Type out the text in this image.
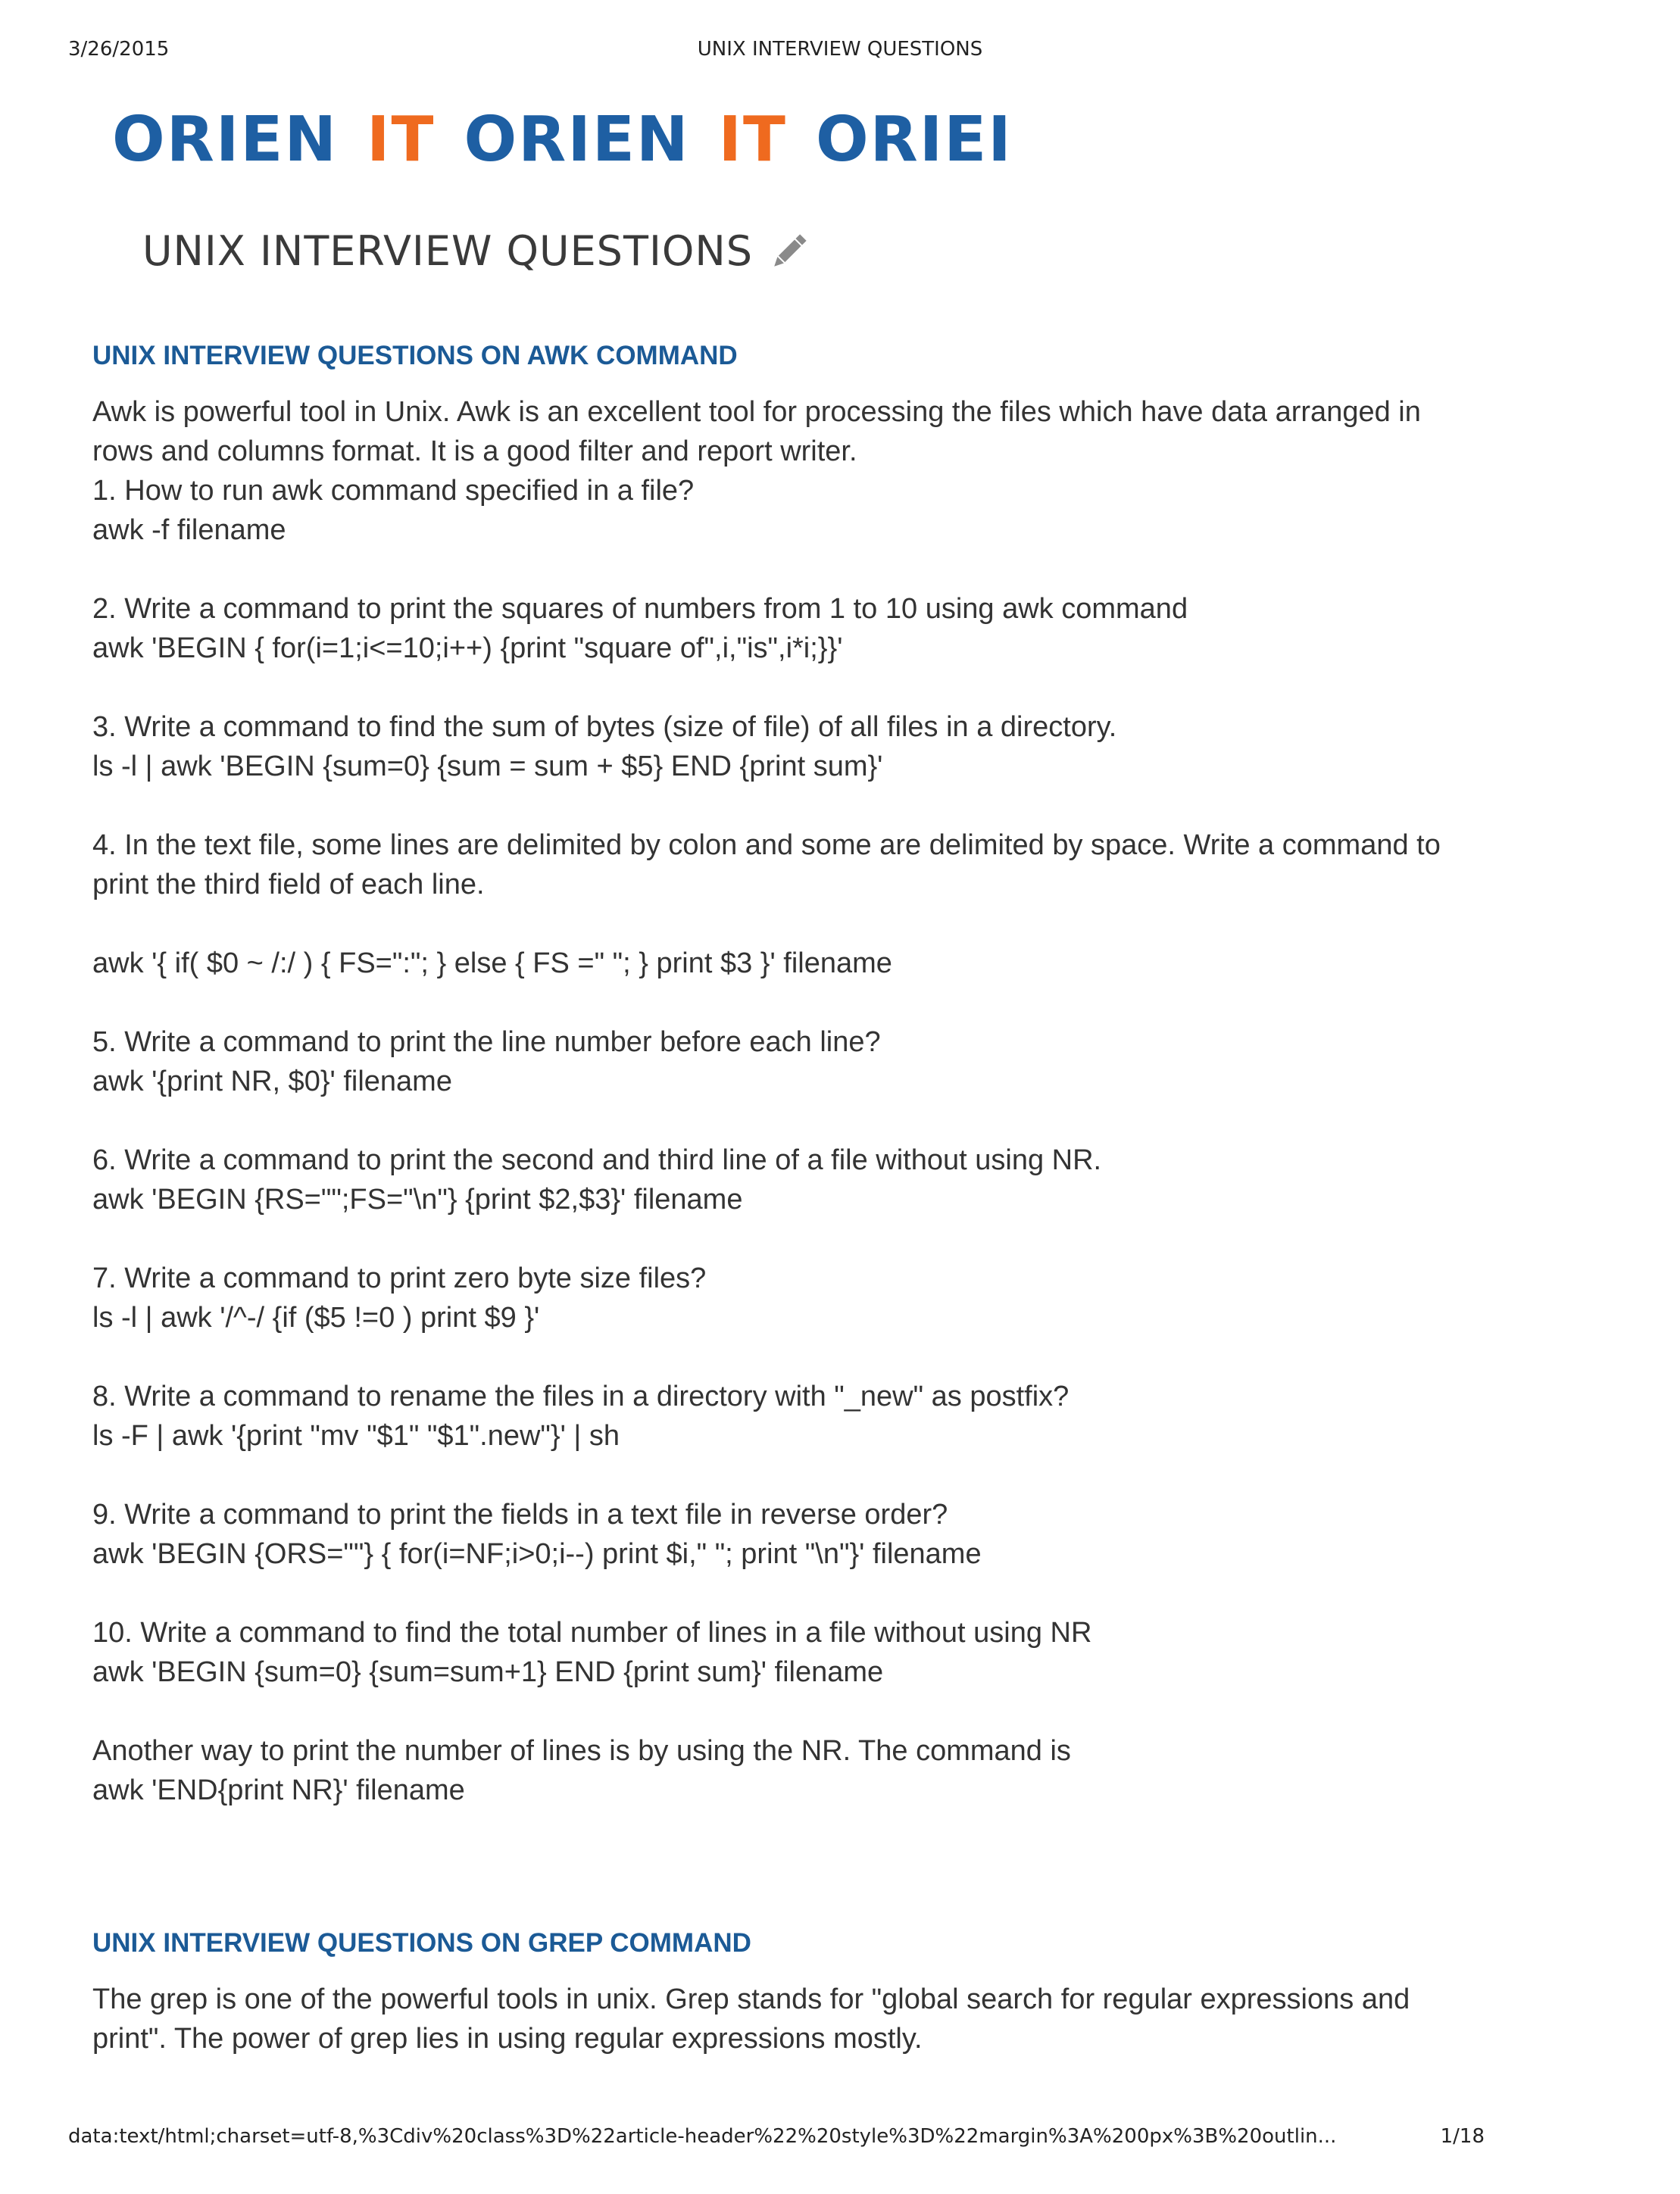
3/26/2015	UNIX INTERVIEW QUESTIONS
ORIEN IT ORIEN IT ORIEI
UNIX INTERVIEW QUESTIONS
UNIX INTERVIEW QUESTIONS ON AWK COMMAND

Awk is powerful tool in Unix. Awk is an excellent tool for processing the files which have data arranged in
rows and columns format. It is a good filter and report writer.
1. How to run awk command specified in a file?
awk -f filename

2. Write a command to print the squares of numbers from 1 to 10 using awk command
awk 'BEGIN { for(i=1;i<=10;i++) {print "square of",i,"is",i*i;}}'

3. Write a command to find the sum of bytes (size of file) of all files in a directory.
ls -l | awk 'BEGIN {sum=0} {sum = sum + $5} END {print sum}'

4. In the text file, some lines are delimited by colon and some are delimited by space. Write a command to
print the third field of each line.

awk '{ if( $0 ~ /:/ ) { FS=":"; } else { FS =" "; } print $3 }' filename

5. Write a command to print the line number before each line?
awk '{print NR, $0}' filename

6. Write a command to print the second and third line of a file without using NR.
awk 'BEGIN {RS="";FS="\n"} {print $2,$3}' filename

7. Write a command to print zero byte size files?
ls -l | awk '/^-/ {if ($5 !=0 ) print $9 }'

8. Write a command to rename the files in a directory with "_new" as postfix?
ls -F | awk '{print "mv "$1" "$1".new"}' | sh

9. Write a command to print the fields in a text file in reverse order?
awk 'BEGIN {ORS=""} { for(i=NF;i>0;i--) print $i," "; print "\n"}' filename

10. Write a command to find the total number of lines in a file without using NR
awk 'BEGIN {sum=0} {sum=sum+1} END {print sum}' filename

Another way to print the number of lines is by using the NR. The command is
awk 'END{print NR}' filename

UNIX INTERVIEW QUESTIONS ON GREP COMMAND

The grep is one of the powerful tools in unix. Grep stands for "global search for regular expressions and
print". The power of grep lies in using regular expressions mostly.

data:text/html;charset=utf-8,%3Cdiv%20class%3D%22article-header%22%20style%3D%22margin%3A%200px%3B%20outlin...	1/18
